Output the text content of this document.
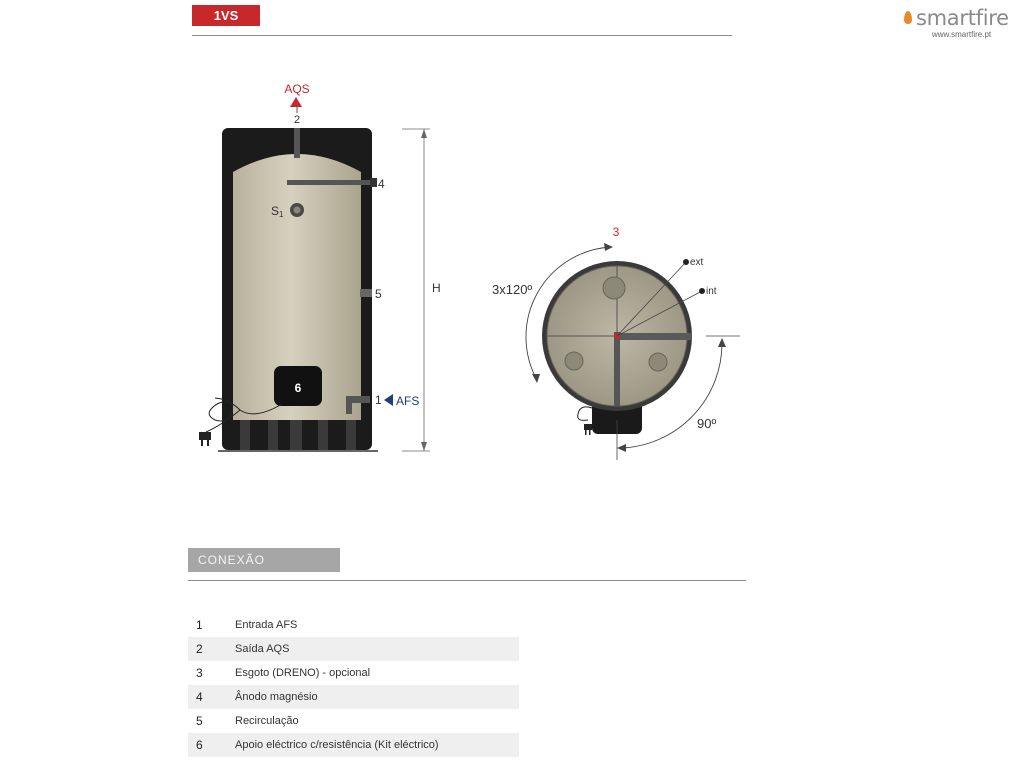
1VS	smartfire
www.smartfire.pt
AQS
2
4
S1
5
6
1 AFS
H
ext
int
3
3x120º
90º
CONEXÃO
1	Entrada AFS
2	Saída AQS
3	Esgoto (DRENO) - opcional
4	Ânodo magnésio
5	Recirculação
6	Apoio eléctrico c/resistência (Kit eléctrico)
